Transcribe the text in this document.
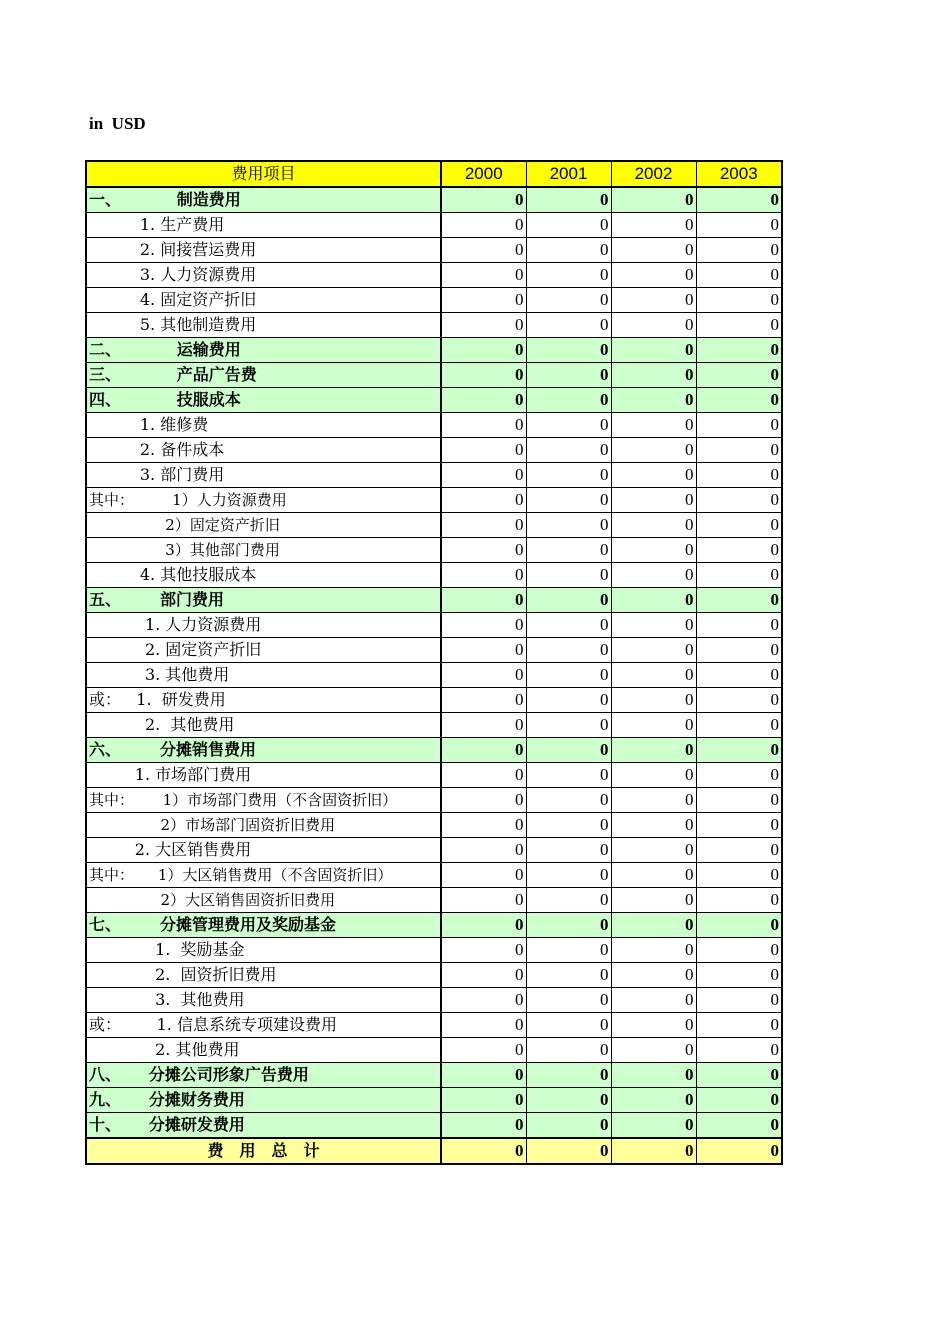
in  USD
费用项目	2000	2001	2002	2003
一、          制造费用	0	0	0	0
1. 生产费用	0	0	0	0
2. 间接营运费用	0	0	0	0
3. 人力资源费用	0	0	0	0
4. 固定资产折旧	0	0	0	0
5. 其他制造费用	0	0	0	0
二、          运输费用	0	0	0	0
三、          产品广告费	0	0	0	0
四、          技服成本	0	0	0	0
1. 维修费	0	0	0	0
2. 备件成本	0	0	0	0
3. 部门费用	0	0	0	0
其中：        1）人力资源费用	0	0	0	0
2）固定资产折旧	0	0	0	0
3）其他部门费用	0	0	0	0
4. 其他技服成本	0	0	0	0
五、       部门费用	0	0	0	0
1. 人力资源费用	0	0	0	0
2. 固定资产折旧	0	0	0	0
3. 其他费用	0	0	0	0
或：   1.  研发费用	0	0	0	0
2.  其他费用	0	0	0	0
六、       分摊销售费用	0	0	0	0
1. 市场部门费用	0	0	0	0
其中：      1）市场部门费用（不含固资折旧）	0	0	0	0
2）市场部门固资折旧费用	0	0	0	0
2. 大区销售费用	0	0	0	0
其中：     1）大区销售费用（不含固资折旧）	0	0	0	0
2）大区销售固资折旧费用	0	0	0	0
七、       分摊管理费用及奖励基金	0	0	0	0
1.  奖励基金	0	0	0	0
2.  固资折旧费用	0	0	0	0
3.  其他费用	0	0	0	0
或：       1. 信息系统专项建设费用	0	0	0	0
2. 其他费用	0	0	0	0
八、     分摊公司形象广告费用	0	0	0	0
九、     分摊财务费用	0	0	0	0
十、     分摊研发费用	0	0	0	0
费　用　总　计	0	0	0	0
